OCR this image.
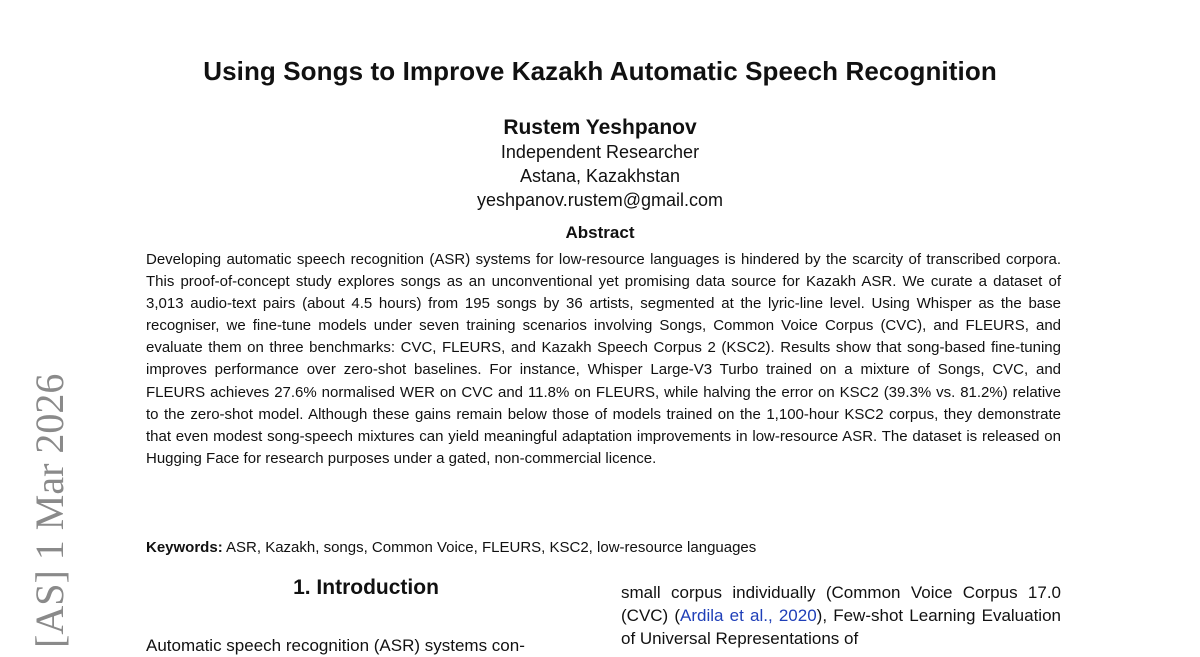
Using Songs to Improve Kazakh Automatic Speech Recognition
Rustem Yeshpanov
Independent Researcher
Astana, Kazakhstan
yeshpanov.rustem@gmail.com
Abstract
Developing automatic speech recognition (ASR) systems for low-resource languages is hindered by the scarcity of transcribed corpora. This proof-of-concept study explores songs as an unconventional yet promising data source for Kazakh ASR. We curate a dataset of 3,013 audio-text pairs (about 4.5 hours) from 195 songs by 36 artists, segmented at the lyric-line level. Using Whisper as the base recogniser, we fine-tune models under seven training scenarios involving Songs, Common Voice Corpus (CVC), and FLEURS, and evaluate them on three benchmarks: CVC, FLEURS, and Kazakh Speech Corpus 2 (KSC2). Results show that song-based fine-tuning improves performance over zero-shot baselines. For instance, Whisper Large-V3 Turbo trained on a mixture of Songs, CVC, and FLEURS achieves 27.6% normalised WER on CVC and 11.8% on FLEURS, while halving the error on KSC2 (39.3% vs. 81.2%) relative to the zero-shot model. Although these gains remain below those of models trained on the 1,100-hour KSC2 corpus, they demonstrate that even modest song-speech mixtures can yield meaningful adaptation improvements in low-resource ASR. The dataset is released on Hugging Face for research purposes under a gated, non-commercial licence.
Keywords: ASR, Kazakh, songs, Common Voice, FLEURS, KSC2, low-resource languages
1. Introduction
Automatic speech recognition (ASR) systems con-
small corpus individually (Common Voice Corpus 17.0 (CVC) (Ardila et al., 2020), Few-shot Learning Evaluation of Universal Representations of
[AS] 1 Mar 2026
